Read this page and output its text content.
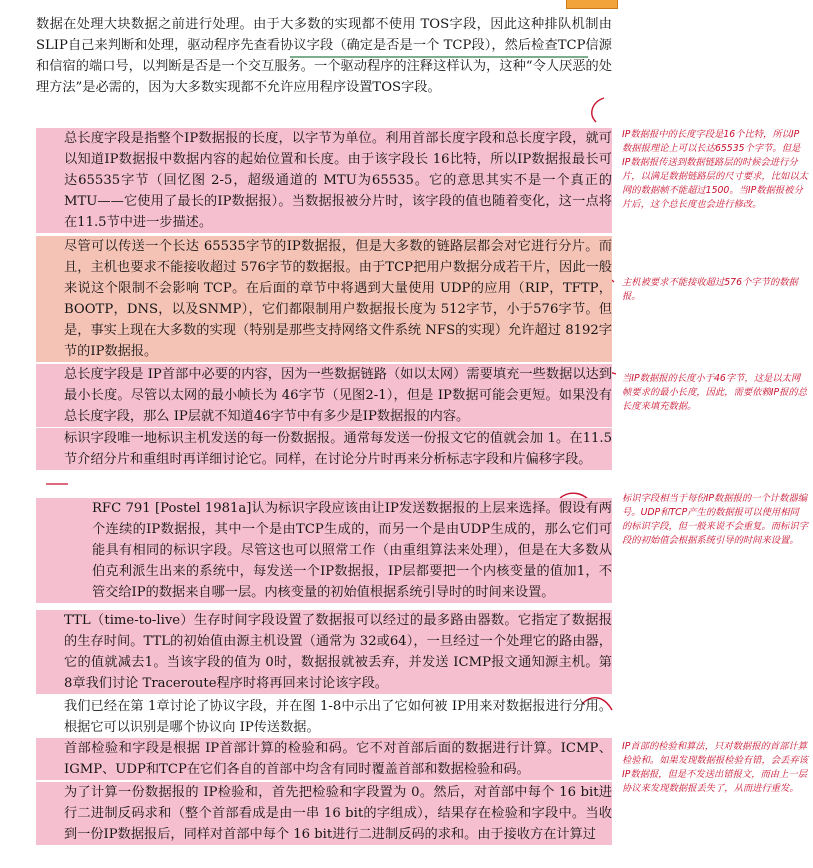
数据在处理大块数据之前进行处理。由于大多数的实现都不使用 TOS字段，因此这种排队机制由SLIP自己来判断和处理，驱动程序先查看协议字段（确定是否是一个 TCP段），然后检查TCP信源和信宿的端口号，以判断是否是一个交互服务。一个驱动程序的注释这样认为，这种“令人厌恶的处理方法”是必需的，因为大多数实现都不允许应用程序设置TOS字段。

总长度字段是指整个IP数据报的长度，以字节为单位。利用首部长度字段和总长度字段，就可以知道IP数据报中数据内容的起始位置和长度。由于该字段长 16比特，所以IP数据报最长可达65535字节（回忆图 2-5，超级通道的 MTU为65535。它的意思其实不是一个真正的MTU——它使用了最长的IP数据报）。当数据报被分片时，该字段的值也随着变化，这一点将在11.5节中进一步描述。

尽管可以传送一个长达 65535字节的IP数据报，但是大多数的链路层都会对它进行分片。而且，主机也要求不能接收超过 576字节的数据报。由于TCP把用户数据分成若干片，因此一般来说这个限制不会影响 TCP。在后面的章节中将遇到大量使用 UDP的应用（RIP，TFTP，BOOTP，DNS，以及SNMP），它们都限制用户数据报长度为 512字节，小于576字节。但是，事实上现在大多数的实现（特别是那些支持网络文件系统 NFS的实现）允许超过 8192字节的IP数据报。

总长度字段是 IP首部中必要的内容，因为一些数据链路（如以太网）需要填充一些数据以达到最小长度。尽管以太网的最小帧长为 46字节（见图2-1），但是 IP数据可能会更短。如果没有总长度字段，那么 IP层就不知道46字节中有多少是IP数据报的内容。

标识字段唯一地标识主机发送的每一份数据报。通常每发送一份报文它的值就会加 1。在11.5节介绍分片和重组时再详细讨论它。同样，在讨论分片时再来分析标志字段和片偏移字段。

RFC 791 [Postel 1981a]认为标识字段应该由让IP发送数据报的上层来选择。假设有两个连续的IP数据报，其中一个是由TCP生成的，而另一个是由UDP生成的，那么它们可能具有相同的标识字段。尽管这也可以照常工作（由重组算法来处理），但是在大多数从伯克利派生出来的系统中，每发送一个IP数据报，IP层都要把一个内核变量的值加1，不管交给IP的数据来自哪一层。内核变量的初始值根据系统引导时的时间来设置。

TTL（time-to-live）生存时间字段设置了数据报可以经过的最多路由器数。它指定了数据报的生存时间。TTL的初始值由源主机设置（通常为 32或64），一旦经过一个处理它的路由器，它的值就减去1。当该字段的值为 0时，数据报就被丢弃，并发送 ICMP报文通知源主机。第 8章我们讨论 Traceroute程序时将再回来讨论该字段。

我们已经在第 1章讨论了协议字段，并在图 1-8中示出了它如何被 IP用来对数据报进行分用。根据它可以识别是哪个协议向 IP传送数据。

首部检验和字段是根据 IP首部计算的检验和码。它不对首部后面的数据进行计算。ICMP、IGMP、UDP和TCP在它们各自的首部中均含有同时覆盖首部和数据检验和码。

为了计算一份数据报的 IP检验和，首先把检验和字段置为 0。然后，对首部中每个 16 bit进行二进制反码求和（整个首部看成是由一串 16 bit的字组成），结果存在检验和字段中。当收到一份IP数据报后，同样对首部中每个 16 bit进行二进制反码的求和。由于接收方在计算过

IP数据报中的长度字段是16个比特，所以IP数据报理论上可以长达65535个字节。但是IP数据报传送到数据链路层的时候会进行分片，以满足数据链路层的尺寸要求，比如以太网的数据帧不能超过1500。当IP数据报被分片后，这个总长度也会进行修改。

主机被要求不能接收超过576个字节的数据报。

当IP数据报的长度小于46字节，这是以太网帧要求的最小长度，因此，需要依赖IP报的总长度来填充数据。

标识字段相当于每份IP数据报的一个计数器编号。UDP和TCP产生的数据报可以使用相同的标识字段，但一般来说不会重复。而标识字段的初始值会根据系统引导的时间来设置。

IP首部的检验和算法，只对数据报的首部计算检验和。如果发现数据报检验有错，会丢弃该IP数据报，但是不发送出错报文，而由上一层协议来发现数据报丢失了，从而进行重发。
